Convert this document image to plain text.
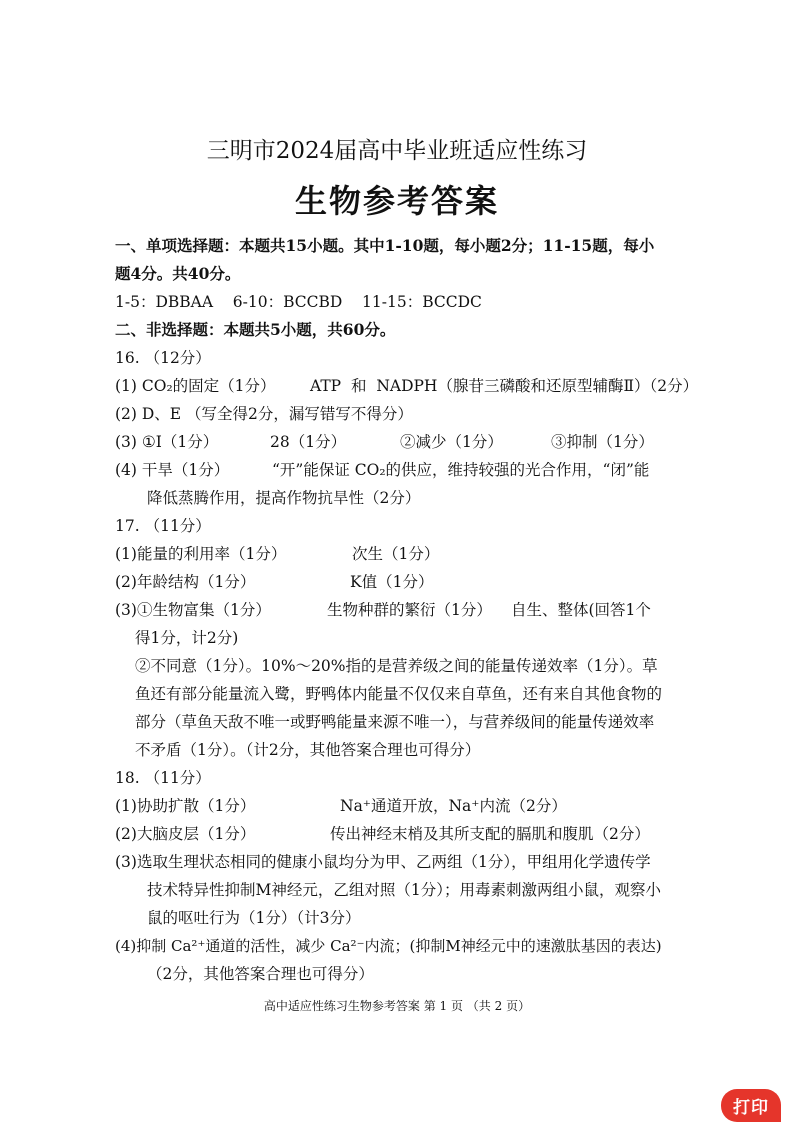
三明市2024届高中毕业班适应性练习
生物参考答案
一、单项选择题：本题共15小题。其中1-10题，每小题2分；11-15题，每小
题4分。共40分。
1-5：DBBAA    6-10：BCCBD    11-15：BCCDC
二、非选择题：本题共5小题，共60分。
16. （12分）
(1) CO₂的固定（1分） ATP  和  NADPH（腺苷三磷酸和还原型辅酶Ⅱ）（2分）
(2) D、E （写全得2分，漏写错写不得分）
(3) ①Ⅰ（1分）	28（1分）	②减少（1分）	③抑制（1分）
(4) 干旱（1分）	“开”能保证 CO₂的供应，维持较强的光合作用，“闭”能
降低蒸腾作用，提高作物抗旱性（2分）
17. （11分）
(1)能量的利用率（1分）	次生（1分）
(2)年龄结构（1分）	K值（1分）
(3)①生物富集（1分）	生物种群的繁衍（1分） 自生、整体(回答1个
得1分，计2分)
②不同意（1分）。10%～20%指的是营养级之间的能量传递效率（1分）。草
鱼还有部分能量流入鹭，野鸭体内能量不仅仅来自草鱼，还有来自其他食物的
部分（草鱼天敌不唯一或野鸭能量来源不唯一），与营养级间的能量传递效率
不矛盾（1分）。（计2分，其他答案合理也可得分）
18. （11分）
(1)协助扩散（1分）	Na⁺通道开放，Na⁺内流（2分）
(2)大脑皮层（1分）	传出神经末梢及其所支配的膈肌和腹肌（2分）
(3)选取生理状态相同的健康小鼠均分为甲、乙两组（1分），甲组用化学遗传学
技术特异性抑制M神经元，乙组对照（1分）；用毒素刺激两组小鼠，观察小
鼠的呕吐行为（1分）（计3分）
(4)抑制 Ca²⁺通道的活性，减少 Ca²⁻内流；(抑制M神经元中的速激肽基因的表达)
（2分，其他答案合理也可得分）
高中适应性练习生物参考答案 第 1 页 （共 2 页）
打印
